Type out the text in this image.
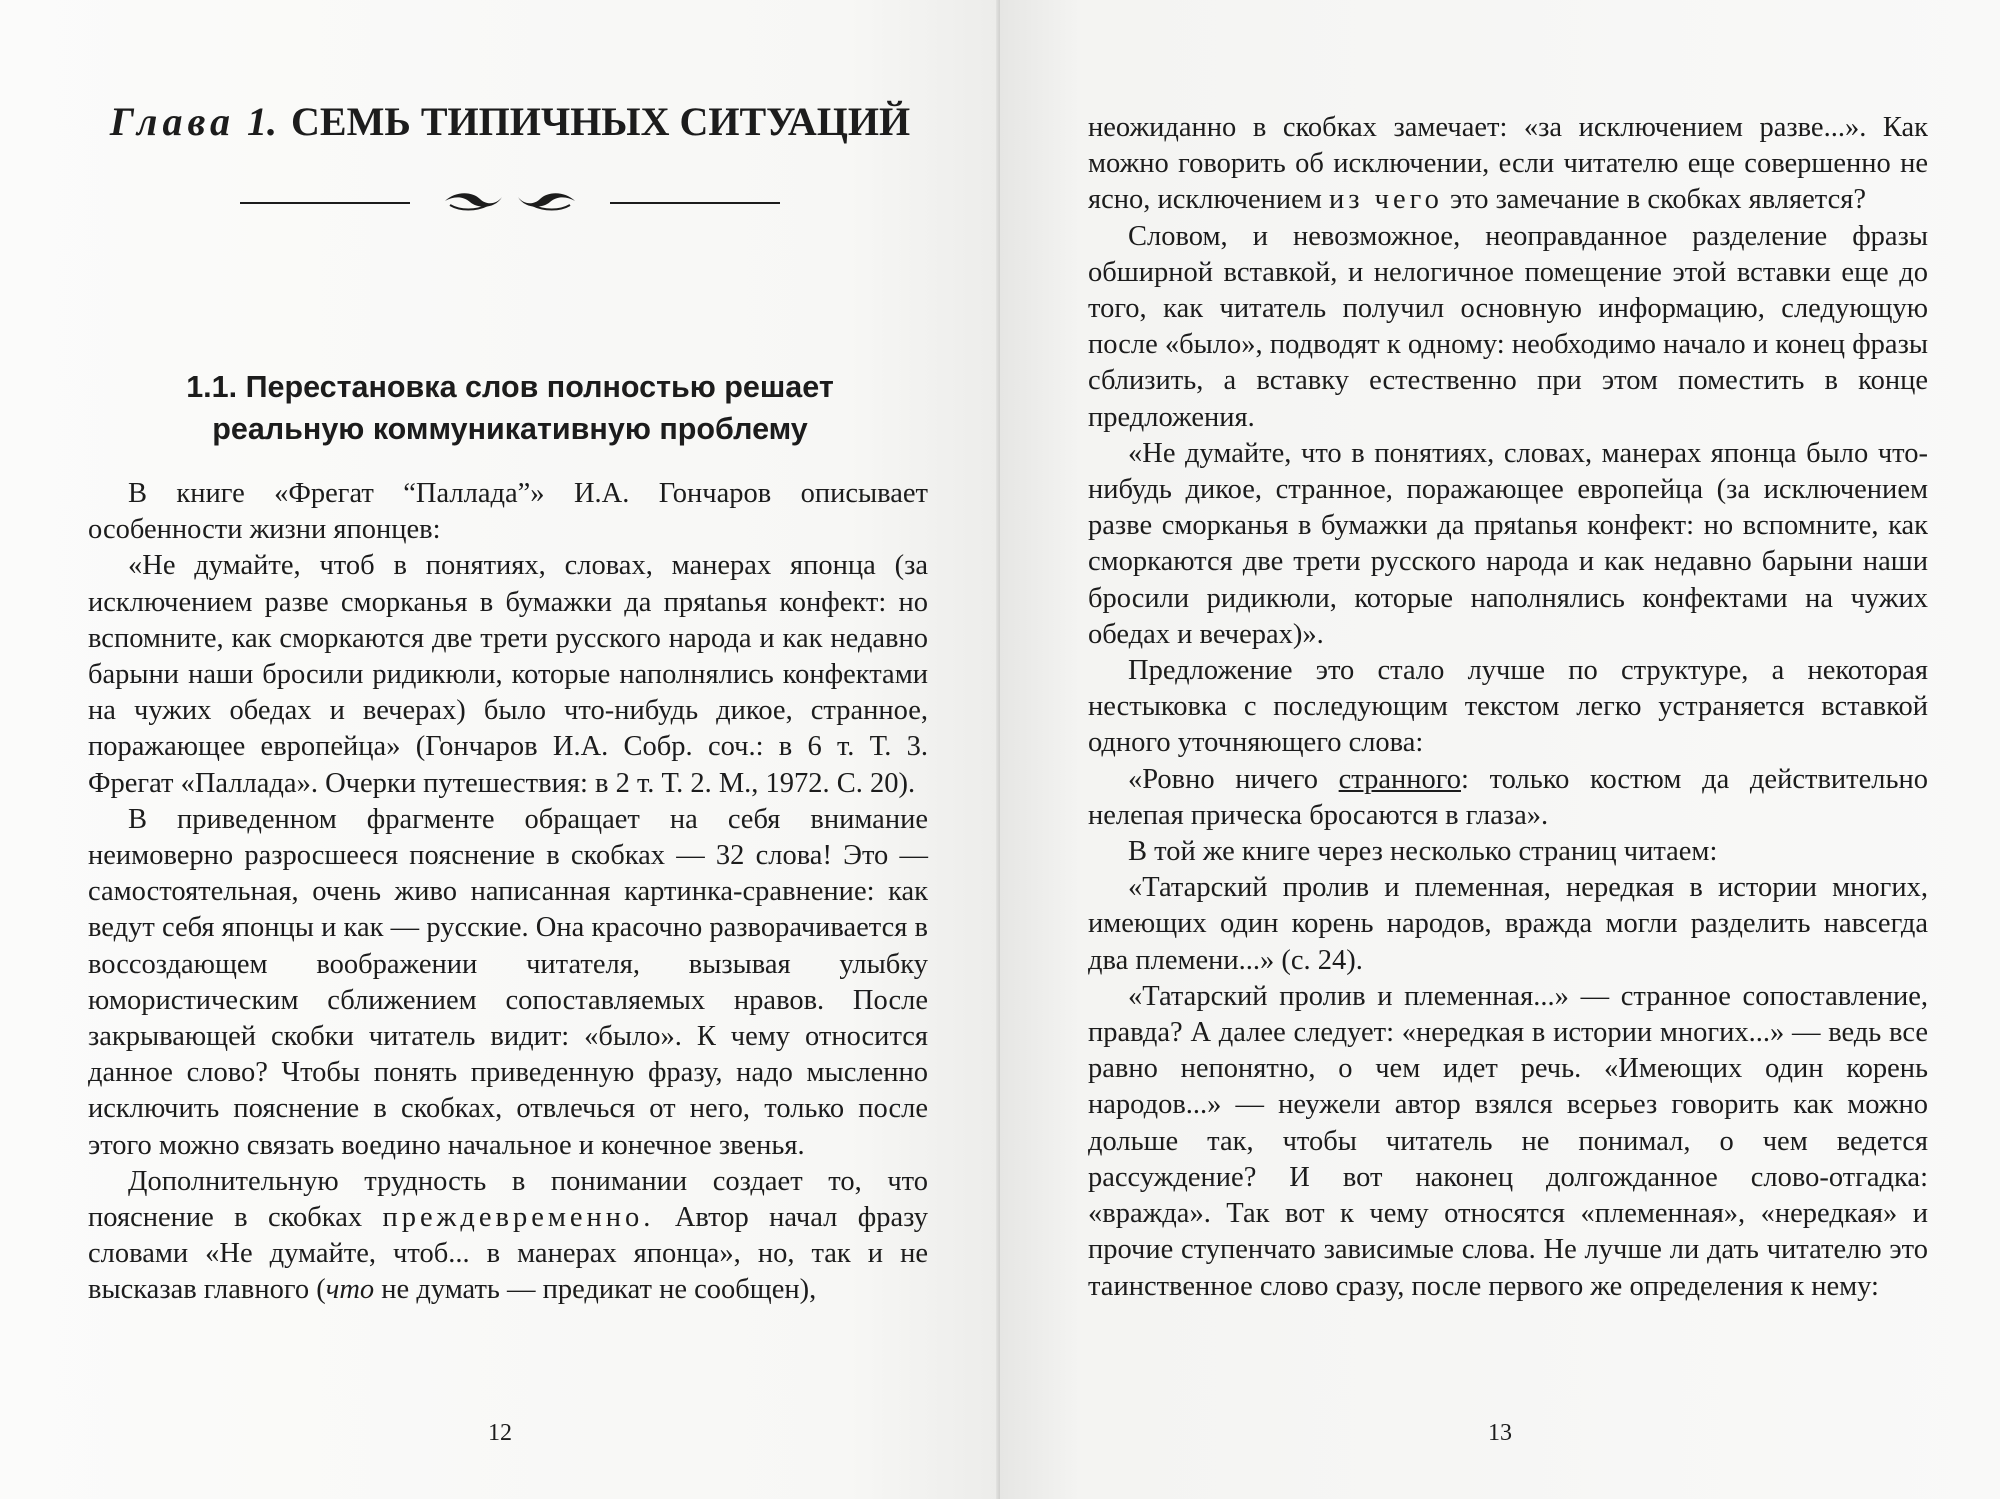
Глава 1. СЕМЬ ТИПИЧНЫХ СИТУАЦИЙ
1.1. Перестановка слов полностью решает
реальную коммуникативную проблему

В книге «Фрегат “Паллада”» И.А. Гончаров описывает особенности жизни японцев:

«Не думайте, чтоб в понятиях, словах, манерах японца (за исключением разве сморканья в бумажки да пряtanья конфект: но вспомните, как сморкаются две трети русского народа и как недавно барыни наши бросили ридикюли, которые наполнялись конфектами на чужих обедах и вечерах) было что-нибудь дикое, странное, поражающее европейца» (Гончаров И.А. Собр. соч.: в 6 т. Т. 3. Фрегат «Паллада». Очерки путешествия: в 2 т. Т. 2. М., 1972. С. 20).

В приведенном фрагменте обращает на себя внимание неимоверно разросшееся пояснение в скобках — 32 слова! Это — самостоятельная, очень живо написанная картинка-сравнение: как ведут себя японцы и как — русские. Она красочно разворачивается в воссоздающем воображении читателя, вызывая улыбку юмористическим сближением сопоставляемых нравов. После закрывающей скобки читатель видит: «было». К чему относится данное слово? Чтобы понять приведенную фразу, надо мысленно исключить пояснение в скобках, отвлечься от него, только после этого можно связать воедино начальное и конечное звенья.

Дополнительную трудность в понимании создает то, что пояснение в скобках преждевременно. Автор начал фразу словами «Не думайте, чтоб... в манерах японца», но, так и не высказав главного (что не думать — предикат не сообщен),

12

неожиданно в скобках замечает: «за исключением разве...». Как можно говорить об исключении, если читателю еще совершенно не ясно, исключением из чего это замечание в скобках является?

Словом, и невозможное, неоправданное разделение фразы обширной вставкой, и нелогичное помещение этой вставки еще до того, как читатель получил основную информацию, следующую после «было», подводят к одному: необходимо начало и конец фразы сблизить, а вставку естественно при этом поместить в конце предложения.

«Не думайте, что в понятиях, словах, манерах японца было что-нибудь дикое, странное, поражающее европейца (за исключением разве сморканья в бумажки да пряtanья конфект: но вспомните, как сморкаются две трети русского народа и как недавно барыни наши бросили ридикюли, которые наполнялись конфектами на чужих обедах и вечерах)».

Предложение это стало лучше по структуре, а некоторая нестыковка с последующим текстом легко устраняется вставкой одного уточняющего слова:

«Ровно ничего странного: только костюм да действительно нелепая прическа бросаются в глаза».

В той же книге через несколько страниц читаем:

«Татарский пролив и племенная, нередкая в истории многих, имеющих один корень народов, вражда могли разделить навсегда два племени...» (с. 24).

«Татарский пролив и племенная...» — странное сопоставление, правда? А далее следует: «нередкая в истории многих...» — ведь все равно непонятно, о чем идет речь. «Имеющих один корень народов...» — неужели автор взялся всерьез говорить как можно дольше так, чтобы читатель не понимал, о чем ведется рассуждение? И вот наконец долгожданное слово-отгадка: «вражда». Так вот к чему относятся «племенная», «нередкая» и прочие ступенчато зависимые слова. Не лучше ли дать читателю это таинственное слово сразу, после первого же определения к нему:

13
